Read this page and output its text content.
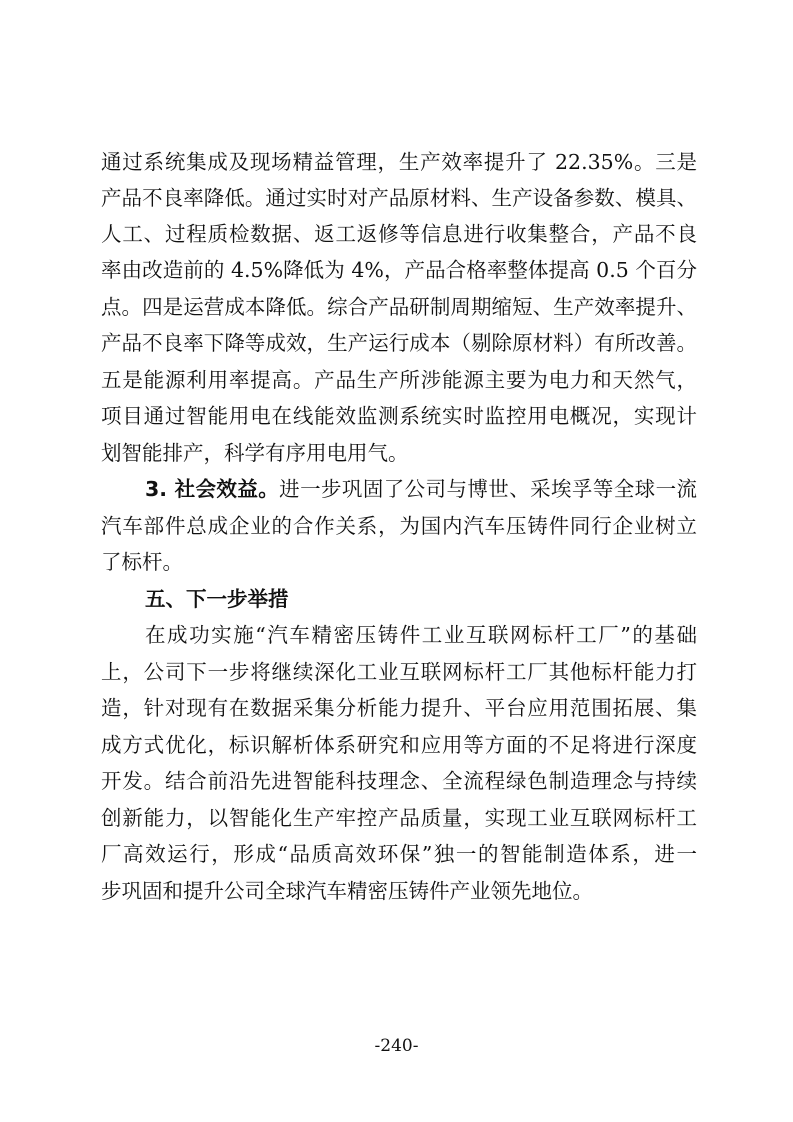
通过系统集成及现场精益管理，生产效率提升了 22.35%。三是
产品不良率降低。通过实时对产品原材料、生产设备参数、模具、
人工、过程质检数据、返工返修等信息进行收集整合，产品不良
率由改造前的 4.5%降低为 4%，产品合格率整体提高 0.5 个百分
点。四是运营成本降低。综合产品研制周期缩短、生产效率提升、
产品不良率下降等成效，生产运行成本（剔除原材料）有所改善。
五是能源利用率提高。产品生产所涉能源主要为电力和天然气，
项目通过智能用电在线能效监测系统实时监控用电概况，实现计
划智能排产，科学有序用电用气。
3. 社会效益。进一步巩固了公司与博世、采埃孚等全球一流
汽车部件总成企业的合作关系，为国内汽车压铸件同行企业树立
了标杆。
五、下一步举措
在成功实施“汽车精密压铸件工业互联网标杆工厂”的基础
上，公司下一步将继续深化工业互联网标杆工厂其他标杆能力打
造，针对现有在数据采集分析能力提升、平台应用范围拓展、集
成方式优化，标识解析体系研究和应用等方面的不足将进行深度
开发。结合前沿先进智能科技理念、全流程绿色制造理念与持续
创新能力，以智能化生产牢控产品质量，实现工业互联网标杆工
厂高效运行，形成“品质高效环保”独一的智能制造体系，进一
步巩固和提升公司全球汽车精密压铸件产业领先地位。
-240-
